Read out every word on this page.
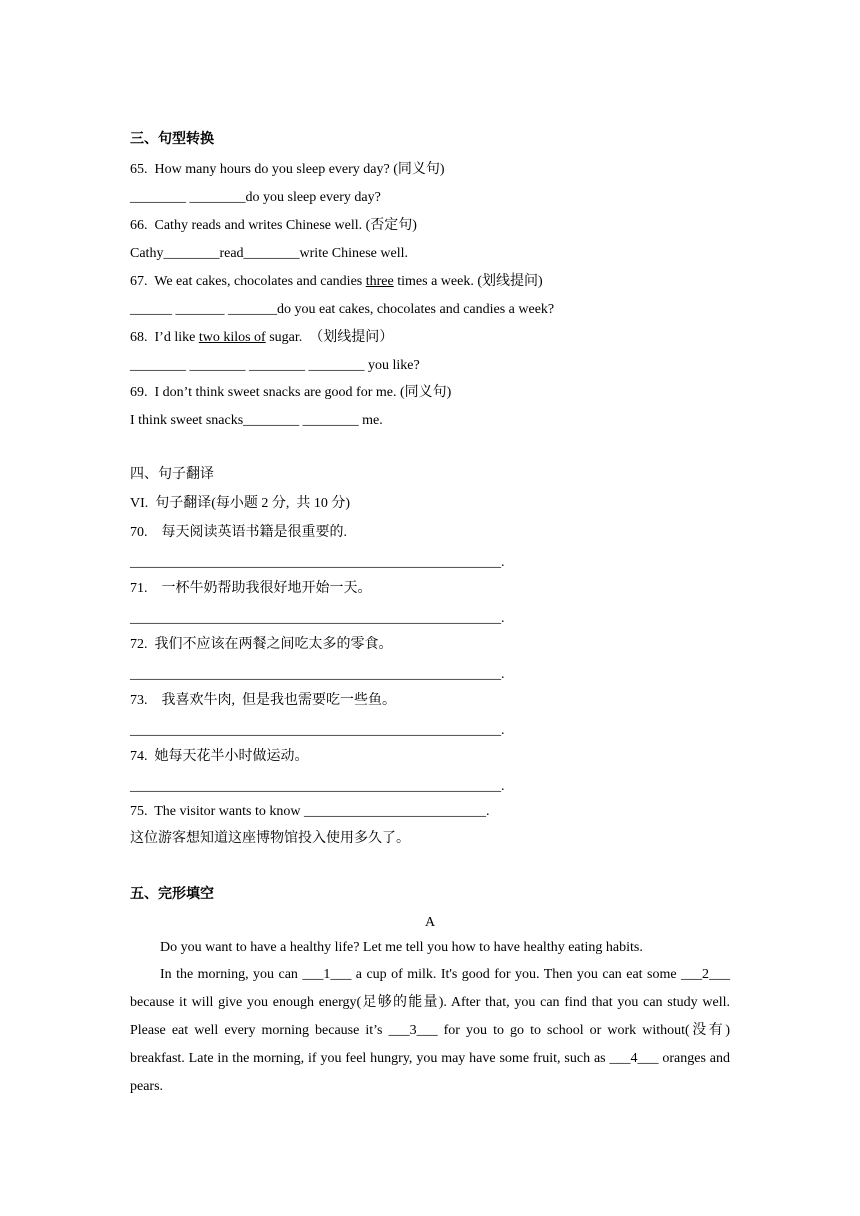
三、句型转换
65.  How many hours do you sleep every day? (同义句)
________ ________do you sleep every day?
66.  Cathy reads and writes Chinese well. (否定句)
Cathy________read________write Chinese well.
67.  We eat cakes, chocolates and candies three times a week. (划线提问)
______ _______ _______do you eat cakes, chocolates and candies a week?
68.  I’d like two kilos of sugar.  （划线提问）
________ ________ ________ ________ you like?
69.  I don’t think sweet snacks are good for me. (同义句)
I think sweet snacks________ ________ me.
四、句子翻译
VI.  句子翻译(每小题 2 分,  共 10 分)
70.    每天阅读英语书籍是很重要的.
_____________________________________________________.
71.    一杯牛奶帮助我很好地开始一天。
_____________________________________________________.
72.  我们不应该在两餐之间吃太多的零食。
_____________________________________________________.
73.    我喜欢牛肉,  但是我也需要吃一些鱼。
_____________________________________________________.
74.  她每天花半小时做运动。
_____________________________________________________.
75.  The visitor wants to know __________________________.
这位游客想知道这座博物馆投入使用多久了。
五、完形填空
A
Do you want to have a healthy life? Let me tell you how to have healthy eating habits.
In the morning, you can ___1___ a cup of milk. It's good for you. Then you can eat some ___2___ because it will give you enough energy(足够的能量). After that, you can find that you can study well. Please eat well every morning because it’s ___3___ for you to go to school or work without(没有) breakfast. Late in the morning, if you feel hungry, you may have some fruit, such as ___4___ oranges and pears.
